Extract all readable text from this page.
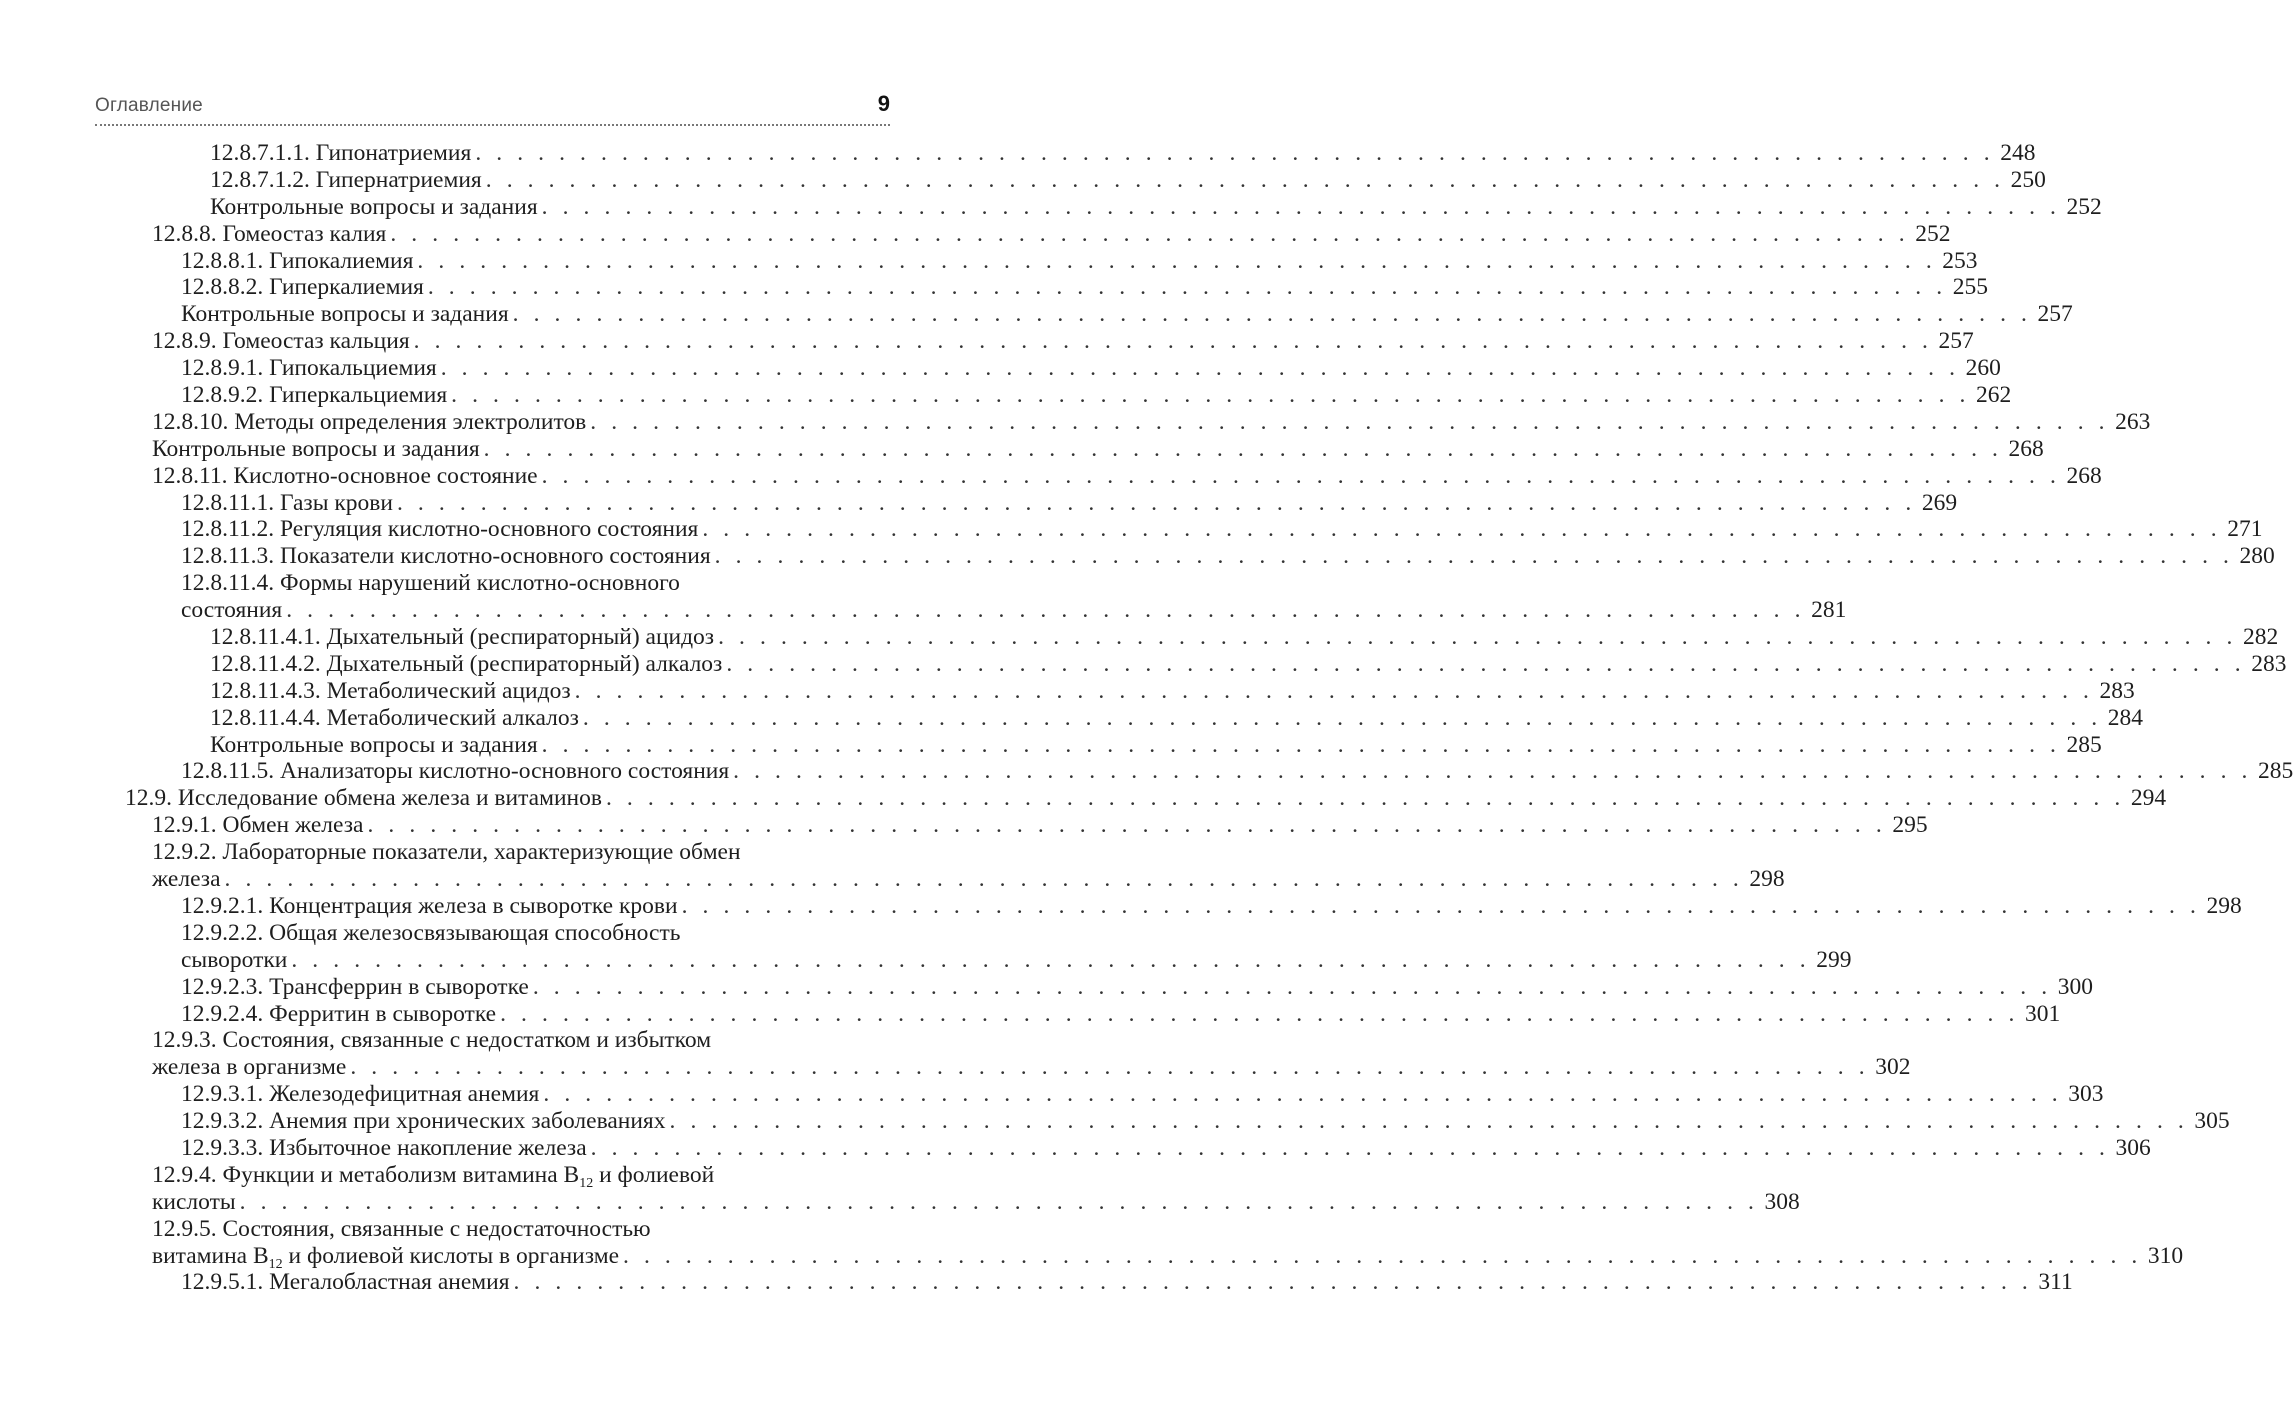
Оглавление	9
12.8.7.1.1. Гипонатриемия . . . . . . . . . . . . . . . . . . . . . . . . . . . . . . . . . . . . . . . . . . . . . . . . . . . . . . . . . . . . . . . . . . . . . . . . . 248
12.8.7.1.2. Гипернатриемия . . . . . . . . . . . . . . . . . . . . . . . . . . . . . . . . . . . . . . . . . . . . . . . . . . . . . . . . . . . . . . . . . . . . . . . . . 250
Контрольные вопросы и задания . . . . . . . . . . . . . . . . . . . . . . . . . . . . . . . . . . . . . . . . . . . . . . . . . . . . . . . . . . . . . . . . . . . . . . . . . 252
12.8.8. Гомеостаз калия . . . . . . . . . . . . . . . . . . . . . . . . . . . . . . . . . . . . . . . . . . . . . . . . . . . . . . . . . . . . . . . . . . . . . . . . . 252
12.8.8.1. Гипокалиемия . . . . . . . . . . . . . . . . . . . . . . . . . . . . . . . . . . . . . . . . . . . . . . . . . . . . . . . . . . . . . . . . . . . . . . . . . 253
12.8.8.2. Гиперкалиемия . . . . . . . . . . . . . . . . . . . . . . . . . . . . . . . . . . . . . . . . . . . . . . . . . . . . . . . . . . . . . . . . . . . . . . . . . 255
Контрольные вопросы и задания . . . . . . . . . . . . . . . . . . . . . . . . . . . . . . . . . . . . . . . . . . . . . . . . . . . . . . . . . . . . . . . . . . . . . . . . . 257
12.8.9. Гомеостаз кальция . . . . . . . . . . . . . . . . . . . . . . . . . . . . . . . . . . . . . . . . . . . . . . . . . . . . . . . . . . . . . . . . . . . . . . . . . 257
12.8.9.1. Гипокальциемия . . . . . . . . . . . . . . . . . . . . . . . . . . . . . . . . . . . . . . . . . . . . . . . . . . . . . . . . . . . . . . . . . . . . . . . . . 260
12.8.9.2. Гиперкальциемия . . . . . . . . . . . . . . . . . . . . . . . . . . . . . . . . . . . . . . . . . . . . . . . . . . . . . . . . . . . . . . . . . . . . . . . . . 262
12.8.10. Методы определения электролитов . . . . . . . . . . . . . . . . . . . . . . . . . . . . . . . . . . . . . . . . . . . . . . . . . . . . . . . . . . . . . . . . . . . . . . . . . 263
Контрольные вопросы и задания . . . . . . . . . . . . . . . . . . . . . . . . . . . . . . . . . . . . . . . . . . . . . . . . . . . . . . . . . . . . . . . . . . . . . . . . . 268
12.8.11. Кислотно-основное состояние . . . . . . . . . . . . . . . . . . . . . . . . . . . . . . . . . . . . . . . . . . . . . . . . . . . . . . . . . . . . . . . . . . . . . . . . . 268
12.8.11.1. Газы крови . . . . . . . . . . . . . . . . . . . . . . . . . . . . . . . . . . . . . . . . . . . . . . . . . . . . . . . . . . . . . . . . . . . . . . . . . 269
12.8.11.2. Регуляция кислотно-основного состояния . . . . . . . . . . . . . . . . . . . . . . . . . . . . . . . . . . . . . . . . . . . . . . . . . . . . . . . . . . . . . . . . . . . . . . . . . 271
12.8.11.3. Показатели кислотно-основного состояния . . . . . . . . . . . . . . . . . . . . . . . . . . . . . . . . . . . . . . . . . . . . . . . . . . . . . . . . . . . . . . . . . . . . . . . . . 280
12.8.11.4. Формы нарушений кислотно-основного
состояния . . . . . . . . . . . . . . . . . . . . . . . . . . . . . . . . . . . . . . . . . . . . . . . . . . . . . . . . . . . . . . . . . . . . . . . . . 281
12.8.11.4.1. Дыхательный (респираторный) ацидоз . . . . . . . . . . . . . . . . . . . . . . . . . . . . . . . . . . . . . . . . . . . . . . . . . . . . . . . . . . . . . . . . . . . . . . . . . 282
12.8.11.4.2. Дыхательный (респираторный) алкалоз . . . . . . . . . . . . . . . . . . . . . . . . . . . . . . . . . . . . . . . . . . . . . . . . . . . . . . . . . . . . . . . . . . . . . . . . . 283
12.8.11.4.3. Метаболический ацидоз . . . . . . . . . . . . . . . . . . . . . . . . . . . . . . . . . . . . . . . . . . . . . . . . . . . . . . . . . . . . . . . . . . . . . . . . . 283
12.8.11.4.4. Метаболический алкалоз . . . . . . . . . . . . . . . . . . . . . . . . . . . . . . . . . . . . . . . . . . . . . . . . . . . . . . . . . . . . . . . . . . . . . . . . . 284
Контрольные вопросы и задания . . . . . . . . . . . . . . . . . . . . . . . . . . . . . . . . . . . . . . . . . . . . . . . . . . . . . . . . . . . . . . . . . . . . . . . . . 285
12.8.11.5. Анализаторы кислотно-основного состояния . . . . . . . . . . . . . . . . . . . . . . . . . . . . . . . . . . . . . . . . . . . . . . . . . . . . . . . . . . . . . . . . . . . . . . . . . 285
12.9. Исследование обмена железа и витаминов . . . . . . . . . . . . . . . . . . . . . . . . . . . . . . . . . . . . . . . . . . . . . . . . . . . . . . . . . . . . . . . . . . . . . . . . . 294
12.9.1. Обмен железа . . . . . . . . . . . . . . . . . . . . . . . . . . . . . . . . . . . . . . . . . . . . . . . . . . . . . . . . . . . . . . . . . . . . . . . . . 295
12.9.2. Лабораторные показатели, характеризующие обмен
железа . . . . . . . . . . . . . . . . . . . . . . . . . . . . . . . . . . . . . . . . . . . . . . . . . . . . . . . . . . . . . . . . . . . . . . . . . 298
12.9.2.1. Концентрация железа в сыворотке крови . . . . . . . . . . . . . . . . . . . . . . . . . . . . . . . . . . . . . . . . . . . . . . . . . . . . . . . . . . . . . . . . . . . . . . . . . 298
12.9.2.2. Общая железосвязывающая способность
сыворотки . . . . . . . . . . . . . . . . . . . . . . . . . . . . . . . . . . . . . . . . . . . . . . . . . . . . . . . . . . . . . . . . . . . . . . . . . 299
12.9.2.3. Трансферрин в сыворотке . . . . . . . . . . . . . . . . . . . . . . . . . . . . . . . . . . . . . . . . . . . . . . . . . . . . . . . . . . . . . . . . . . . . . . . . . 300
12.9.2.4. Ферритин в сыворотке . . . . . . . . . . . . . . . . . . . . . . . . . . . . . . . . . . . . . . . . . . . . . . . . . . . . . . . . . . . . . . . . . . . . . . . . . 301
12.9.3. Состояния, связанные с недостатком и избытком
железа в организме . . . . . . . . . . . . . . . . . . . . . . . . . . . . . . . . . . . . . . . . . . . . . . . . . . . . . . . . . . . . . . . . . . . . . . . . . 302
12.9.3.1. Железодефицитная анемия . . . . . . . . . . . . . . . . . . . . . . . . . . . . . . . . . . . . . . . . . . . . . . . . . . . . . . . . . . . . . . . . . . . . . . . . . 303
12.9.3.2. Анемия при хронических заболеваниях . . . . . . . . . . . . . . . . . . . . . . . . . . . . . . . . . . . . . . . . . . . . . . . . . . . . . . . . . . . . . . . . . . . . . . . . . 305
12.9.3.3. Избыточное накопление железа . . . . . . . . . . . . . . . . . . . . . . . . . . . . . . . . . . . . . . . . . . . . . . . . . . . . . . . . . . . . . . . . . . . . . . . . . 306
12.9.4. Функции и метаболизм витамина $B_{12}$ и фолиевой
кислоты . . . . . . . . . . . . . . . . . . . . . . . . . . . . . . . . . . . . . . . . . . . . . . . . . . . . . . . . . . . . . . . . . . . . . . . . . 308
12.9.5. Состояния, связанные с недостаточностью
витамина $B_{12}$ и фолиевой кислоты в организме . . . . . . . . . . . . . . . . . . . . . . . . . . . . . . . . . . . . . . . . . . . . . . . . . . . . . . . . . . . . . . . . . . . . . . . . . 310
12.9.5.1. Мегалобластная анемия . . . . . . . . . . . . . . . . . . . . . . . . . . . . . . . . . . . . . . . . . . . . . . . . . . . . . . . . . . . . . . . . . . . . . . . . . 311
